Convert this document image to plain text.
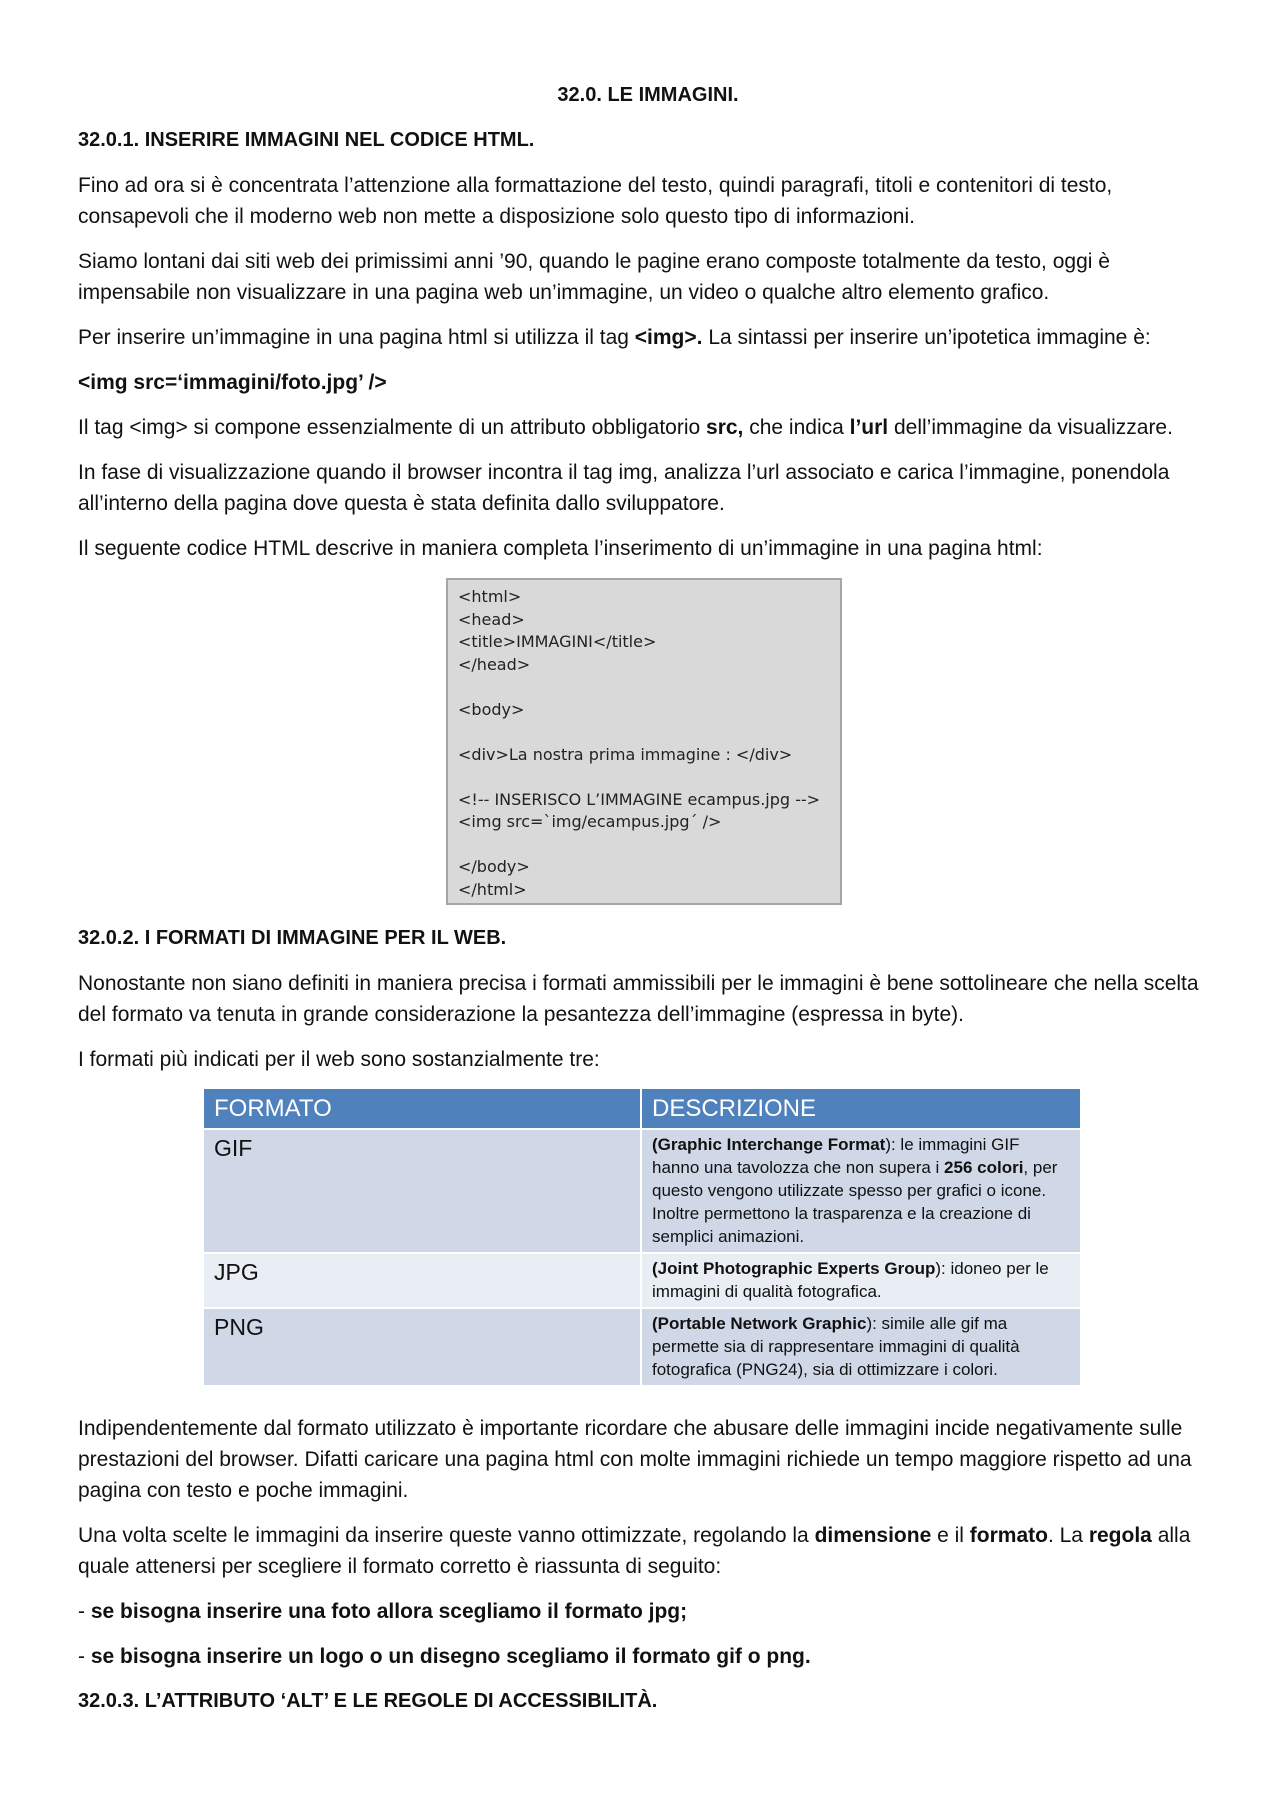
32.0. LE IMMAGINI.
32.0.1. INSERIRE IMMAGINI NEL CODICE HTML.

Fino ad ora si è concentrata l’attenzione alla formattazione del testo, quindi paragrafi, titoli e contenitori di testo, consapevoli che il moderno web non mette a disposizione solo questo tipo di informazioni.

Siamo lontani dai siti web dei primissimi anni ’90, quando le pagine erano composte totalmente da testo, oggi è impensabile non visualizzare in una pagina web un’immagine, un video o qualche altro elemento grafico.

Per inserire un’immagine in una pagina html si utilizza il tag <img>. La sintassi per inserire un’ipotetica immagine è:

<img src=‘immagini/foto.jpg’ />

Il tag <img> si compone essenzialmente di un attributo obbligatorio src, che indica l’url dell’immagine da visualizzare.

In fase di visualizzazione quando il browser incontra il tag img, analizza l’url associato e carica l’immagine, ponendola all’interno della pagina dove questa è stata definita dallo sviluppatore.

Il seguente codice HTML descrive in maniera completa l’inserimento di un’immagine in una pagina html:

<html>
<head>
<title>IMMAGINI</title>
</head>
<body>
<div>La nostra prima immagine : </div>
<!-- INSERISCO L’IMMAGINE ecampus.jpg -->
<img src=`img/ecampus.jpg´ />
</body>
</html>
32.0.2. I FORMATI DI IMMAGINE PER IL WEB.

Nonostante non siano definiti in maniera precisa i formati ammissibili per le immagini è bene sottolineare che nella scelta del formato va tenuta in grande considerazione la pesantezza dell’immagine (espressa in byte).

I formati più indicati per il web sono sostanzialmente tre:

FORMATO	DESCRIZIONE
GIF	(Graphic Interchange Format): le immagini GIF hanno una tavolozza che non supera i 256 colori, per questo vengono utilizzate spesso per grafici o icone. Inoltre permettono la trasparenza e la creazione di semplici animazioni.
JPG	(Joint Photographic Experts Group): idoneo per le immagini di qualità fotografica.
PNG	(Portable Network Graphic): simile alle gif ma permette sia di rappresentare immagini di qualità fotografica (PNG24), sia di ottimizzare i colori.

Indipendentemente dal formato utilizzato è importante ricordare che abusare delle immagini incide negativamente sulle prestazioni del browser. Difatti caricare una pagina html con molte immagini richiede un tempo maggiore rispetto ad una pagina con testo e poche immagini.

Una volta scelte le immagini da inserire queste vanno ottimizzate, regolando la dimensione e il formato. La regola alla quale attenersi per scegliere il formato corretto è riassunta di seguito:

- se bisogna inserire una foto allora scegliamo il formato jpg;

- se bisogna inserire un logo o un disegno scegliamo il formato gif o png.

32.0.3. L’ATTRIBUTO ‘ALT’ E LE REGOLE DI ACCESSIBILITÀ.
